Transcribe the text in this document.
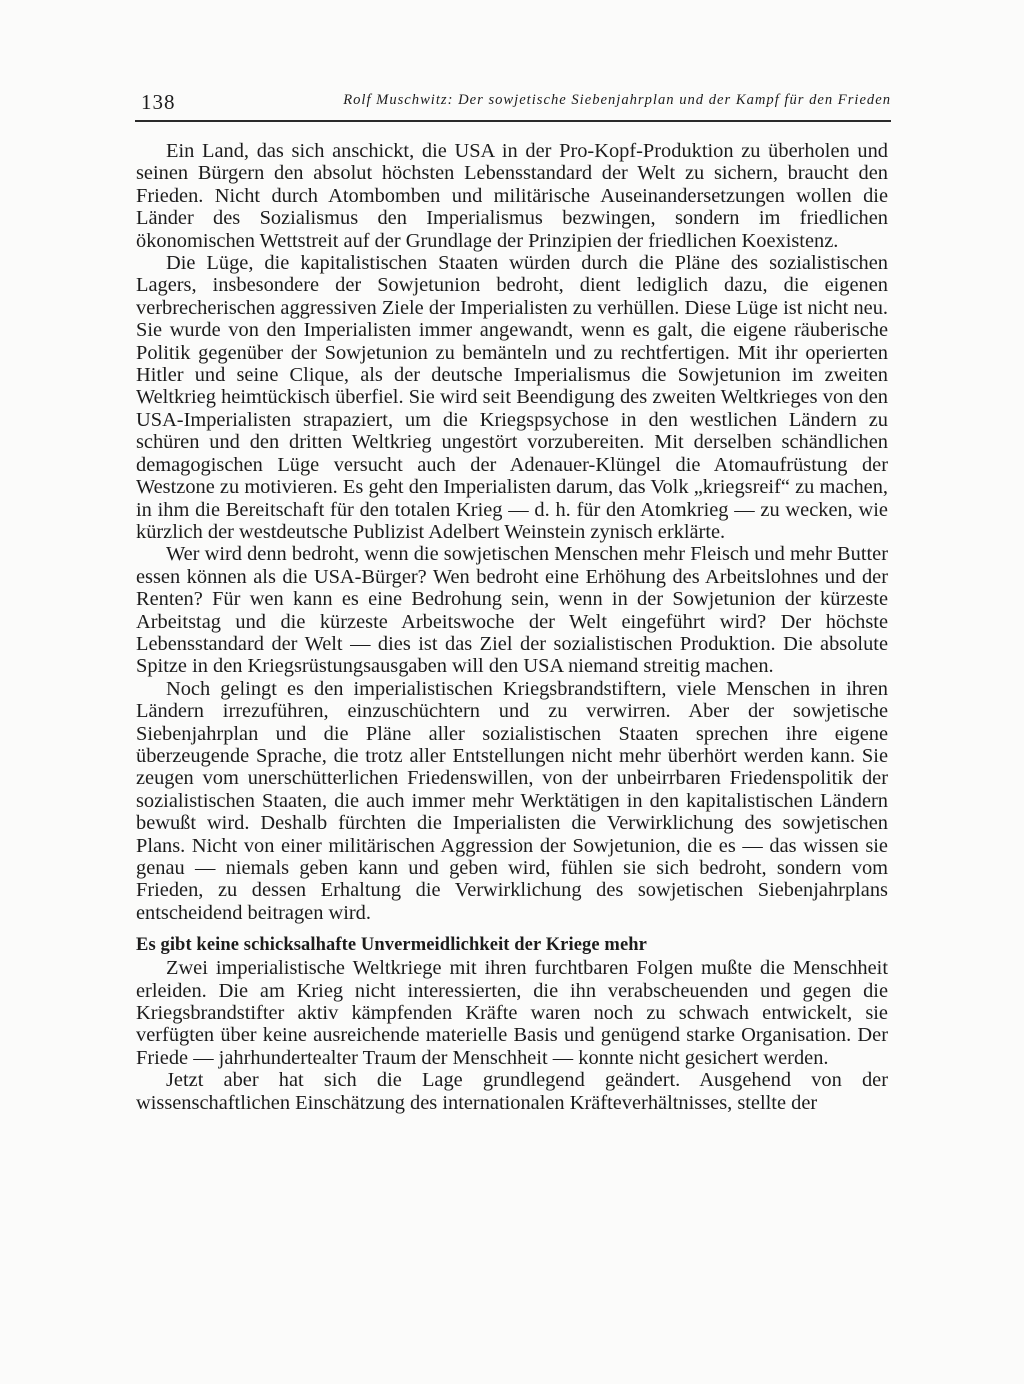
138	Rolf Muschwitz: Der sowjetische Siebenjahrplan und der Kampf für den Frieden

Ein Land, das sich anschickt, die USA in der Pro-Kopf-Produktion zu überholen und seinen Bürgern den absolut höchsten Lebensstandard der Welt zu sichern, braucht den Frieden. Nicht durch Atombomben und militärische Auseinandersetzungen wollen die Länder des Sozialismus den Imperialismus bezwingen, sondern im friedlichen ökonomischen Wettstreit auf der Grundlage der Prinzipien der friedlichen Koexistenz.

Die Lüge, die kapitalistischen Staaten würden durch die Pläne des sozialistischen Lagers, insbesondere der Sowjetunion bedroht, dient lediglich dazu, die eigenen verbrecherischen aggressiven Ziele der Imperialisten zu verhüllen. Diese Lüge ist nicht neu. Sie wurde von den Imperialisten immer angewandt, wenn es galt, die eigene räuberische Politik gegenüber der Sowjetunion zu bemänteln und zu rechtfertigen. Mit ihr operierten Hitler und seine Clique, als der deutsche Imperialismus die Sowjetunion im zweiten Weltkrieg heimtückisch überfiel. Sie wird seit Beendigung des zweiten Weltkrieges von den USA-Imperialisten strapaziert, um die Kriegspsychose in den westlichen Ländern zu schüren und den dritten Weltkrieg ungestört vorzubereiten. Mit derselben schändlichen demagogischen Lüge versucht auch der Adenauer-Klüngel die Atomaufrüstung der Westzone zu motivieren. Es geht den Imperialisten darum, das Volk „kriegsreif“ zu machen, in ihm die Bereitschaft für den totalen Krieg — d. h. für den Atomkrieg — zu wecken, wie kürzlich der westdeutsche Publizist Adelbert Weinstein zynisch erklärte.

Wer wird denn bedroht, wenn die sowjetischen Menschen mehr Fleisch und mehr Butter essen können als die USA-Bürger? Wen bedroht eine Erhöhung des Arbeitslohnes und der Renten? Für wen kann es eine Bedrohung sein, wenn in der Sowjetunion der kürzeste Arbeitstag und die kürzeste Arbeitswoche der Welt eingeführt wird? Der höchste Lebensstandard der Welt — dies ist das Ziel der sozialistischen Produktion. Die absolute Spitze in den Kriegsrüstungsausgaben will den USA niemand streitig machen.

Noch gelingt es den imperialistischen Kriegsbrandstiftern, viele Menschen in ihren Ländern irrezuführen, einzuschüchtern und zu verwirren. Aber der sowjetische Siebenjahrplan und die Pläne aller sozialistischen Staaten sprechen ihre eigene überzeugende Sprache, die trotz aller Entstellungen nicht mehr überhört werden kann. Sie zeugen vom unerschütterlichen Friedenswillen, von der unbeirrbaren Friedenspolitik der sozialistischen Staaten, die auch immer mehr Werktätigen in den kapitalistischen Ländern bewußt wird. Deshalb fürchten die Imperialisten die Verwirklichung des sowjetischen Plans. Nicht von einer militärischen Aggression der Sowjetunion, die es — das wissen sie genau — niemals geben kann und geben wird, fühlen sie sich bedroht, sondern vom Frieden, zu dessen Erhaltung die Verwirklichung des sowjetischen Siebenjahrplans entscheidend beitragen wird.

Es gibt keine schicksalhafte Unvermeidlichkeit der Kriege mehr

Zwei imperialistische Weltkriege mit ihren furchtbaren Folgen mußte die Menschheit erleiden. Die am Krieg nicht interessierten, die ihn verabscheuenden und gegen die Kriegsbrandstifter aktiv kämpfenden Kräfte waren noch zu schwach entwickelt, sie verfügten über keine ausreichende materielle Basis und genügend starke Organisation. Der Friede — jahrhundertealter Traum der Menschheit — konnte nicht gesichert werden.

Jetzt aber hat sich die Lage grundlegend geändert. Ausgehend von der wissenschaftlichen Einschätzung des internationalen Kräfteverhältnisses, stellte der
